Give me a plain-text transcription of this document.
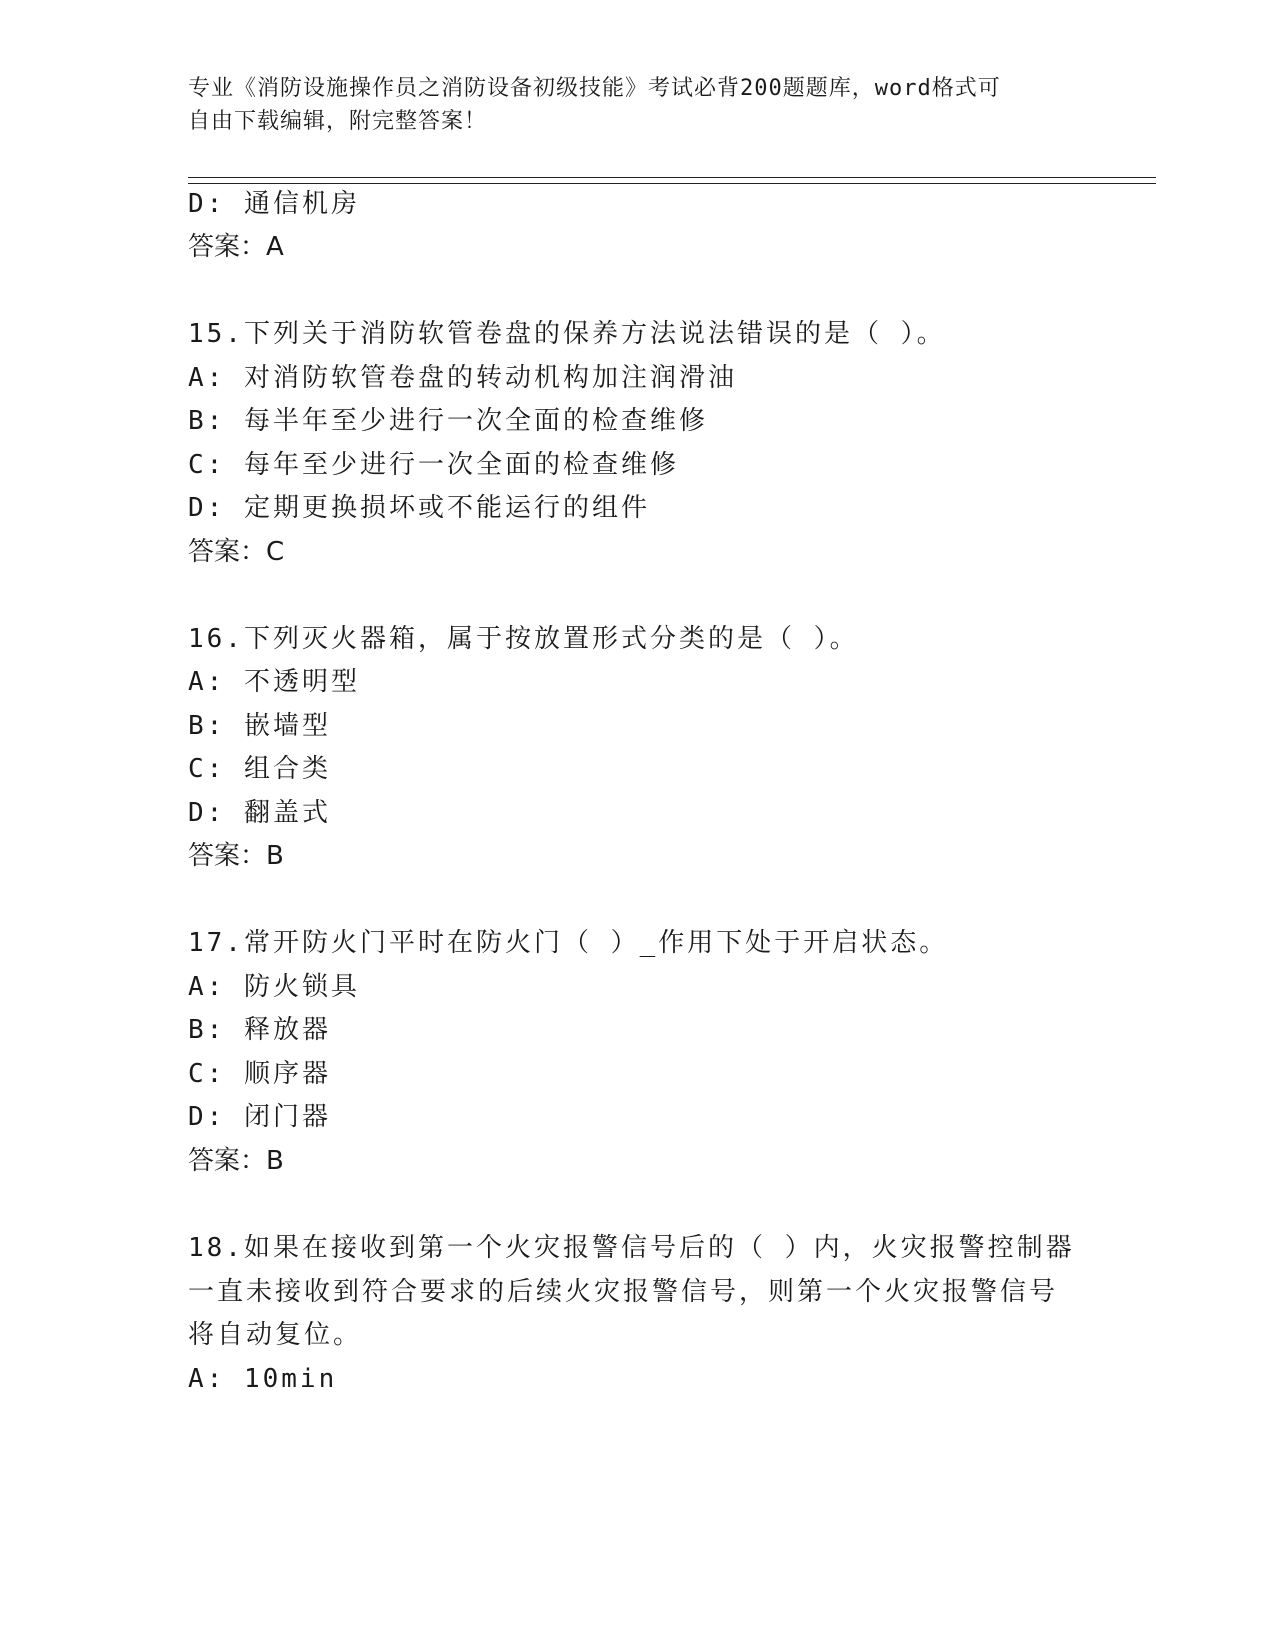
专业《消防设施操作员之消防设备初级技能》考试必背200题题库，word格式可
自由下载编辑，附完整答案！
D: 通信机房
答案：A
15.下列关于消防软管卷盘的保养方法说法错误的是（ ）。
A: 对消防软管卷盘的转动机构加注润滑油
B: 每半年至少进行一次全面的检查维修
C: 每年至少进行一次全面的检查维修
D: 定期更换损坏或不能运行的组件
答案：C
16.下列灭火器箱，属于按放置形式分类的是（ ）。
A: 不透明型
B: 嵌墙型
C: 组合类
D: 翻盖式
答案：B
17.常开防火门平时在防火门（ ）_作用下处于开启状态。
A: 防火锁具
B: 释放器
C: 顺序器
D: 闭门器
答案：B
18.如果在接收到第一个火灾报警信号后的（ ）内，火灾报警控制器
一直未接收到符合要求的后续火灾报警信号，则第一个火灾报警信号
将自动复位。
A: 10min
